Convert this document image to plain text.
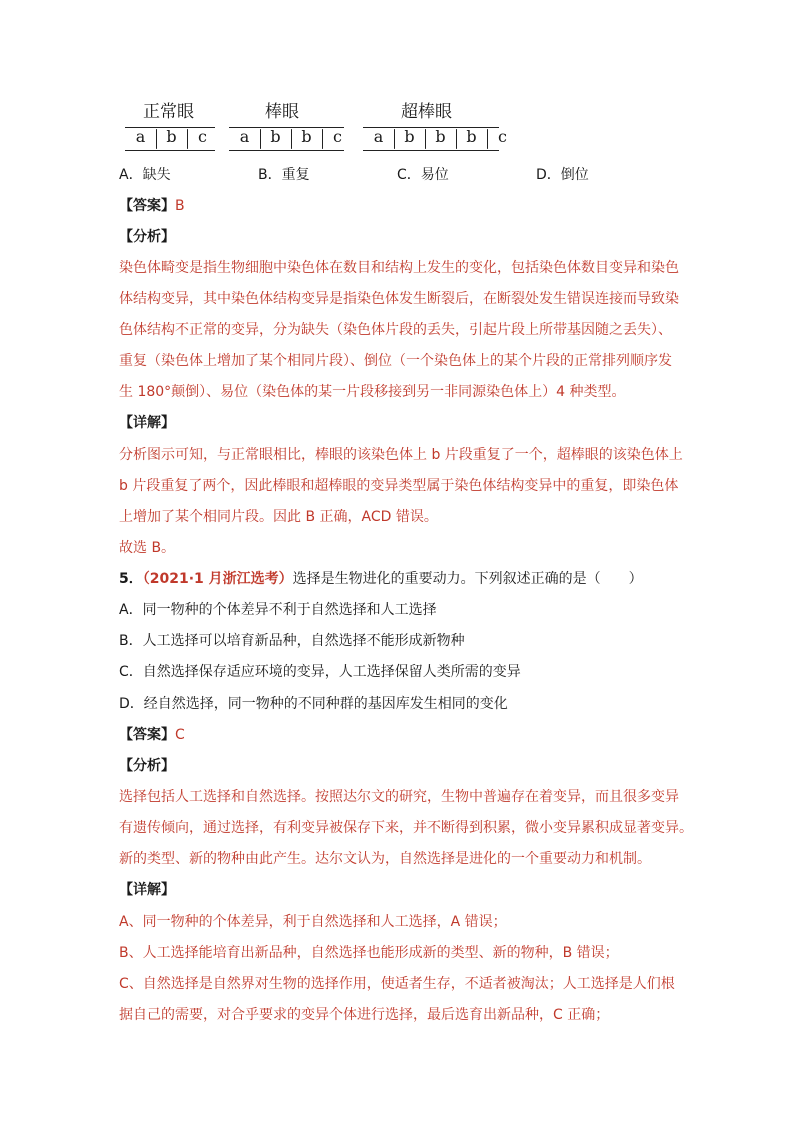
正常眼	棒眼	超棒眼
a	b	c	a	b	b	c	a	b	b	b	c
A．缺失	B．重复	C．易位	D．倒位
【答案】B
【分析】
染色体畸变是指生物细胞中染色体在数目和结构上发生的变化，包括染色体数目变异和染色
体结构变异，其中染色体结构变异是指染色体发生断裂后，在断裂处发生错误连接而导致染
色体结构不正常的变异，分为缺失（染色体片段的丢失，引起片段上所带基因随之丢失）、
重复（染色体上增加了某个相同片段）、倒位（一个染色体上的某个片段的正常排列顺序发
生 180°颠倒）、易位（染色体的某一片段移接到另一非同源染色体上）4 种类型。
【详解】
分析图示可知，与正常眼相比，棒眼的该染色体上 b 片段重复了一个，超棒眼的该染色体上
b 片段重复了两个，因此棒眼和超棒眼的变异类型属于染色体结构变异中的重复，即染色体
上增加了某个相同片段。因此 B 正确，ACD 错误。
故选 B。
5．（2021·1 月浙江选考）选择是生物进化的重要动力。下列叙述正确的是（　　）
A．同一物种的个体差异不利于自然选择和人工选择
B．人工选择可以培育新品种，自然选择不能形成新物种
C．自然选择保存适应环境的变异，人工选择保留人类所需的变异
D．经自然选择，同一物种的不同种群的基因库发生相同的变化
【答案】C
【分析】
选择包括人工选择和自然选择。按照达尔文的研究，生物中普遍存在着变异，而且很多变异
有遗传倾向，通过选择，有利变异被保存下来，并不断得到积累，微小变异累积成显著变异。
新的类型、新的物种由此产生。达尔文认为，自然选择是进化的一个重要动力和机制。
【详解】
A、同一物种的个体差异，利于自然选择和人工选择，A 错误；
B、人工选择能培育出新品种，自然选择也能形成新的类型、新的物种，B 错误；
C、自然选择是自然界对生物的选择作用，使适者生存，不适者被淘汰；人工选择是人们根
据自己的需要，对合乎要求的变异个体进行选择，最后选育出新品种，C 正确；
